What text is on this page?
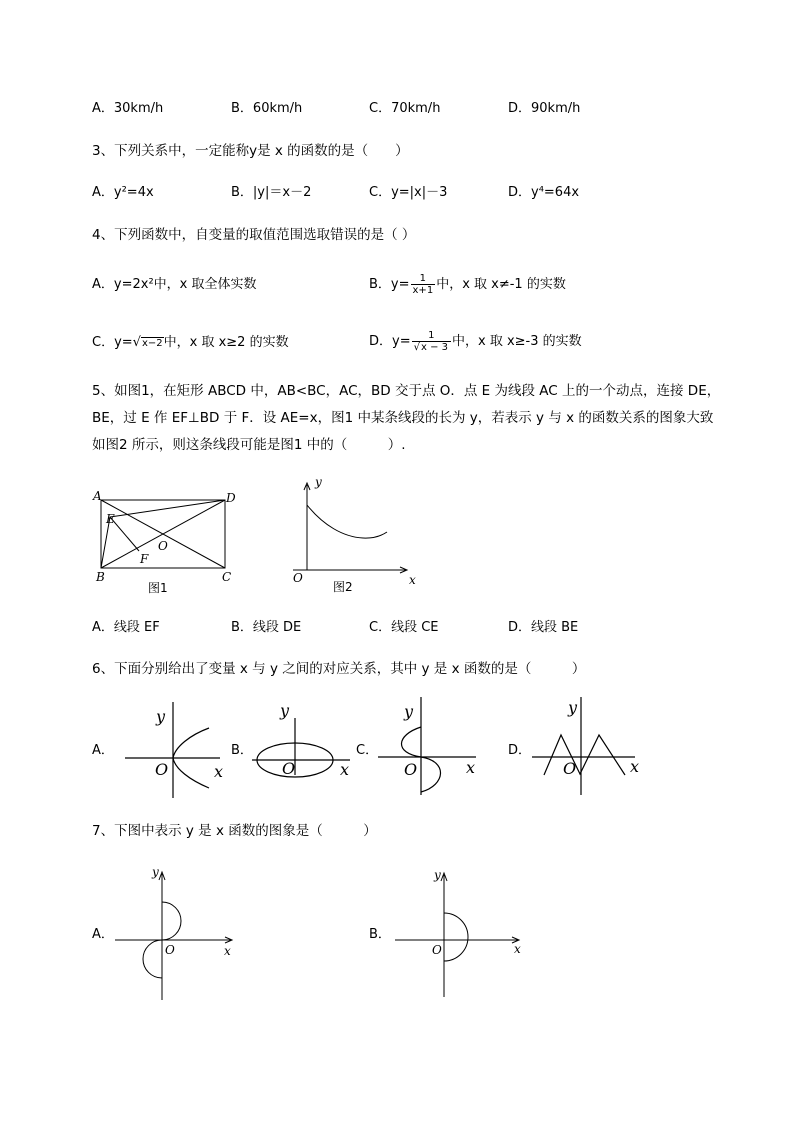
A．30km/h	B．60km/h	C．70km/h	D．90km/h
3、下列关系中，一定能称y是 x 的函数的是（　　）
A．y²=4x	B．|y|＝x－2	C．y=|x|－3	D．y⁴=64x
4、下列函数中，自变量的取值范围选取错误的是（ ）
A．y=2x²中，x 取全体实数	B．$y= \frac{1}{x+1}$ 中，x 取 x≠-1 的实数
C．y=√x−2中，x 取 x≥2 的实数	D．$y= \frac{1}{√x - 3}$ 中，x 取 x≥-3 的实数
5、如图1，在矩形 ABCD 中，AB<BC，AC，BD 交于点 O．点 E 为线段 AC 上的一个动点，连接 DE，
BE，过 E 作 EF⊥BD 于 F．设 AE=x，图1 中某条线段的长为 y，若表示 y 与 x 的函数关系的图象大致
如图2 所示，则这条线段可能是图1 中的（　　　）.
A
B	C
D
E
F
O
图1
y
O	x
图2
A．线段 EF	B．线段 DE	C．线段 CE	D．线段 BE
6、下面分别给出了变量 x 与 y 之间的对应关系，其中 y 是 x 函数的是（　　　）
A．
y
O	x
B．
y
O	x
C．
y
O	x
D．
y
O	x
7、下图中表示 y 是 x 函数的图象是（　　　）
A．
y
O	x
B．
y
O	x
